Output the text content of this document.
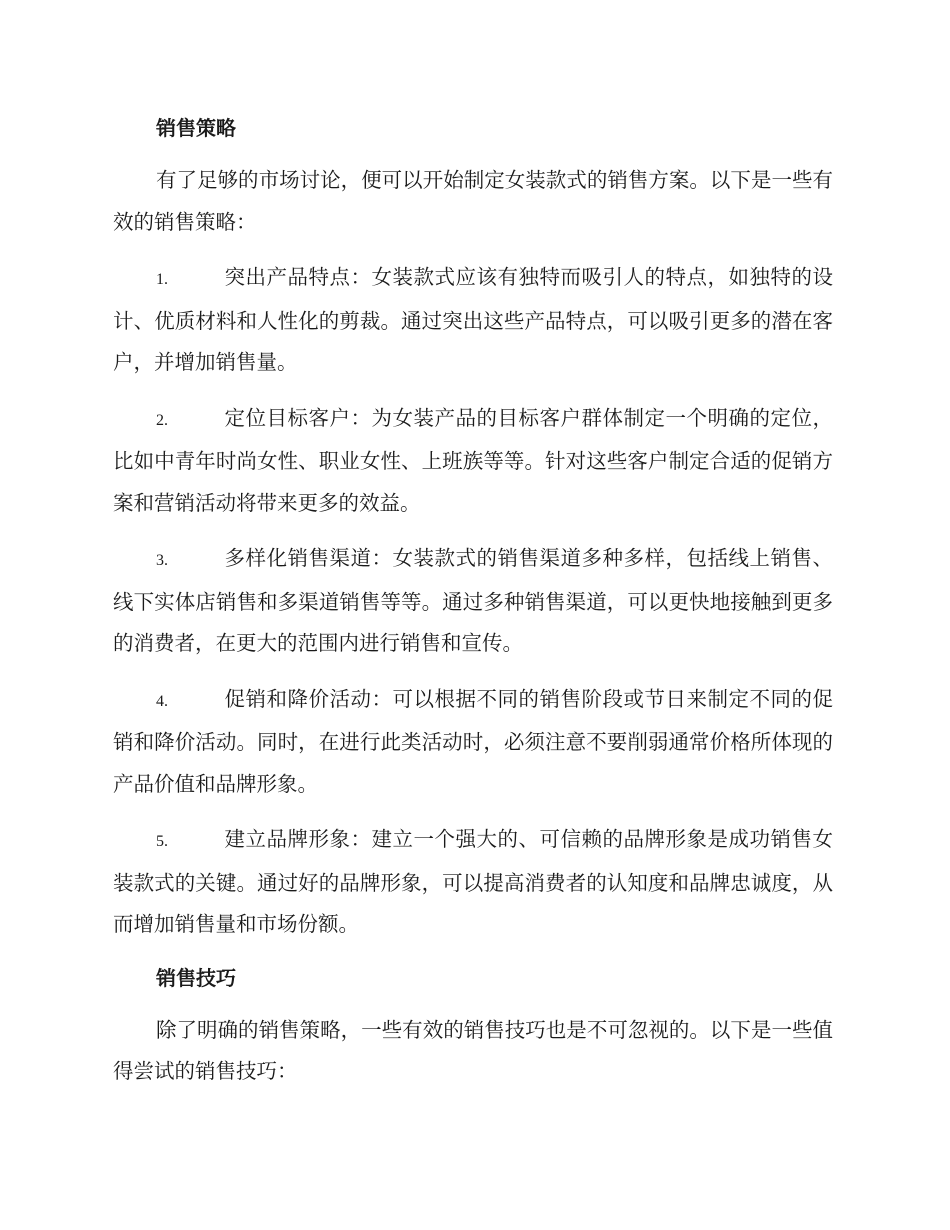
销售策略
有了足够的市场讨论，便可以开始制定女装款式的销售方案。以下是一些有效的销售策略：
1.	突出产品特点：女装款式应该有独特而吸引人的特点，如独特的设计、优质材料和人性化的剪裁。通过突出这些产品特点，可以吸引更多的潜在客户，并增加销售量。
2.	定位目标客户：为女装产品的目标客户群体制定一个明确的定位，比如中青年时尚女性、职业女性、上班族等等。针对这些客户制定合适的促销方案和营销活动将带来更多的效益。
3.	多样化销售渠道：女装款式的销售渠道多种多样，包括线上销售、线下实体店销售和多渠道销售等等。通过多种销售渠道，可以更快地接触到更多的消费者，在更大的范围内进行销售和宣传。
4.	促销和降价活动：可以根据不同的销售阶段或节日来制定不同的促销和降价活动。同时，在进行此类活动时，必须注意不要削弱通常价格所体现的产品价值和品牌形象。
5.	建立品牌形象：建立一个强大的、可信赖的品牌形象是成功销售女装款式的关键。通过好的品牌形象，可以提高消费者的认知度和品牌忠诚度，从而增加销售量和市场份额。
销售技巧
除了明确的销售策略，一些有效的销售技巧也是不可忽视的。以下是一些值得尝试的销售技巧：
